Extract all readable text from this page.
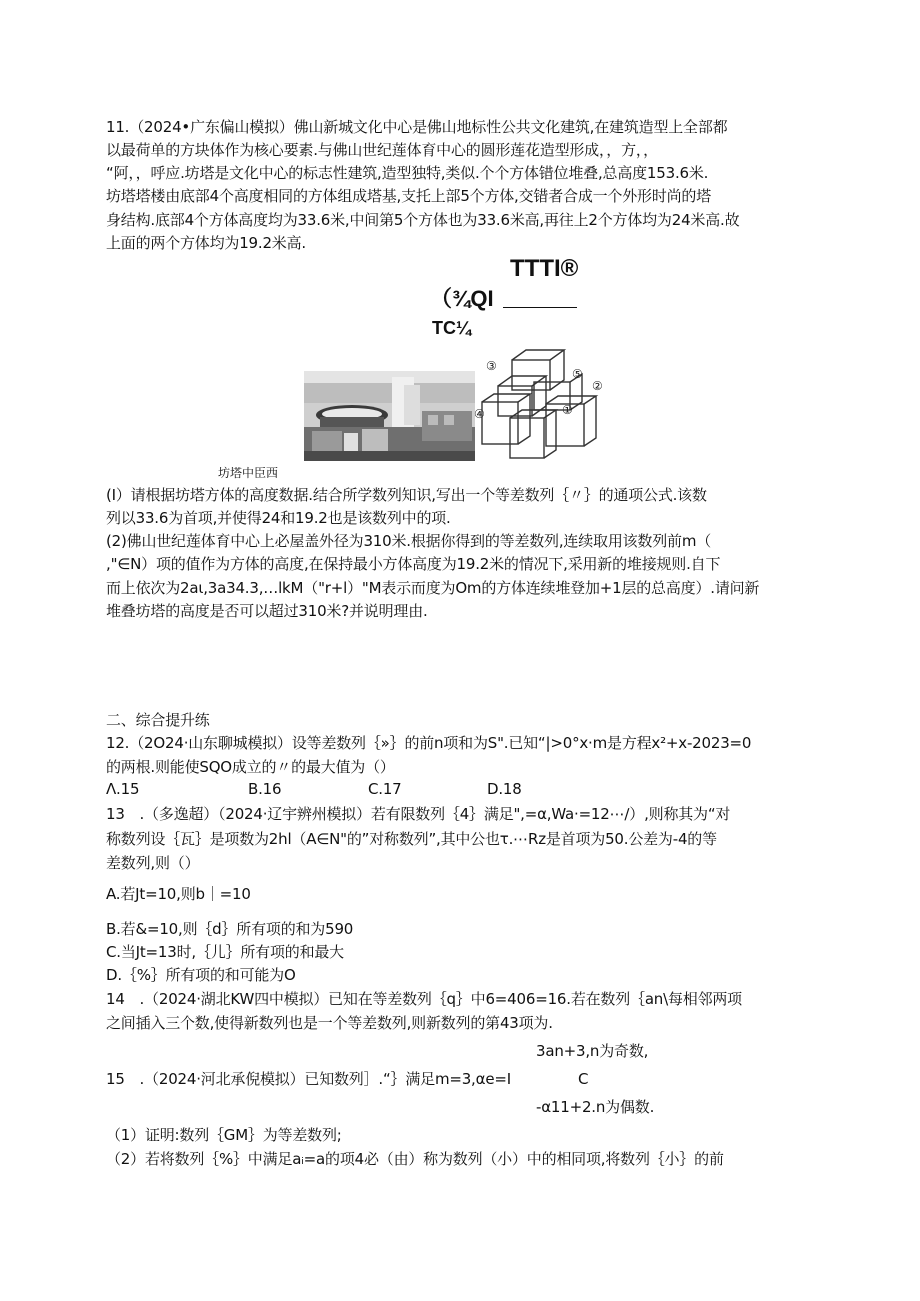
11.（2024•广东偏山模拟）佛山新城文化中心是佛山地标性公共文化建筑,在建筑造型上全部都
以最荷单的方块体作为核心要素.与佛山世纪莲体育中心的圆形莲花造型形成，，方，，
“阿，，呼应.坊塔是文化中心的标志性建筑,造型独特,类似.个个方体错位堆叠,总高度153.6米.
坊塔塔楼由底部4个高度相同的方体组成塔基,支托上部5个方体,交错者合成一个外形时尚的塔
身结构.底部4个方体高度均为33.6米,中间第5个方体也为33.6米高,再往上2个方体均为24米高.故
上面的两个方体均为19.2米高.
TTTI®
（¾QI
TC¼
③
④
⑤
②
①
坊塔中臣西
(I）请根据坊塔方体的高度数据.结合所学数列知识,写出一个等差数列｛〃｝的通项公式.该数
列以33.6为首项,并使得24和19.2也是该数列中的项.
(2)佛山世纪莲体育中心上必屋盖外径为310米.根据你得到的等差数列,连续取用该数列前m（
,"∈N）项的值作为方体的高度,在保持最小方体高度为19.2米的情况下,采用新的堆接规则.自下
而上依次为2aι,3a34.3,…lkM（"r+l）"M表示而度为Om的方体连续堆登加+1层的总高度）.请问新
堆叠坊塔的高度是否可以超过310米?并说明理由.
二、综合提升练
12.（2O24·山东聊城模拟）设等差数列｛»｝的前n项和为S".已知“|>0°x·m是方程x²+x-2023=0
的两根.则能使SQO成立的〃的最大值为（）
Λ.15	B.16	C.17	D.18
13　.（多逸超）（2024·辽宇辨州模拟）若有限数列｛4｝满足",=α,Wa·=12⋯∕）,则称其为“对
称数列设｛瓦｝是项数为2hl（A∈N"的”对称数列”,其中公也τ.⋯Rz是首项为50.公差为-4的等
差数列,则（）
A.若Jt=10,则b｜=10
B.若&=10,则｛d｝所有项的和为590
C.当Jt=13时,｛儿｝所有项的和最大
D.｛%｝所有项的和可能为O
14　.（2024·湖北KW四中模拟）已知在等差数列｛q｝中6=406=16.若在数列｛an\每相邻两项
之间插入三个数,使得新数列也是一个等差数列,则新数列的第43项为.
3an+3,n为奇数,
15　.（2024·河北承倪模拟）已知数列］.“｝满足m=3,αe=I	C
-α11+2.n为偶数.
（1）证明:数列｛GM｝为等差数列;
（2）若将数列｛%｝中满足aᵢ=a的项4必（由）称为数列（小）中的相同项,将数列｛小｝的前
